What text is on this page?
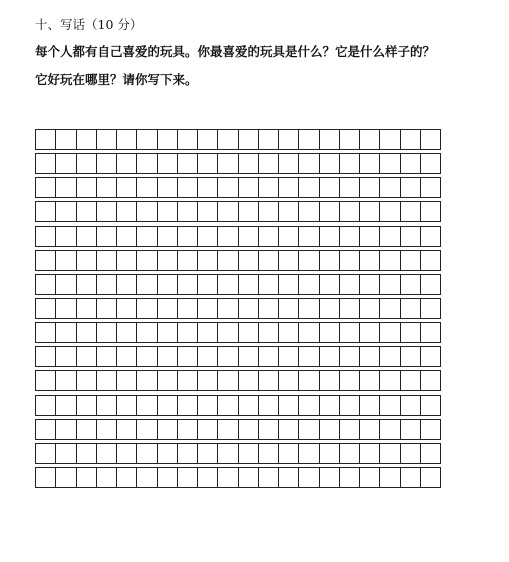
十、写话（10 分）
每个人都有自己喜爱的玩具。你最喜爱的玩具是什么？它是什么样子的？
它好玩在哪里？请你写下来。
